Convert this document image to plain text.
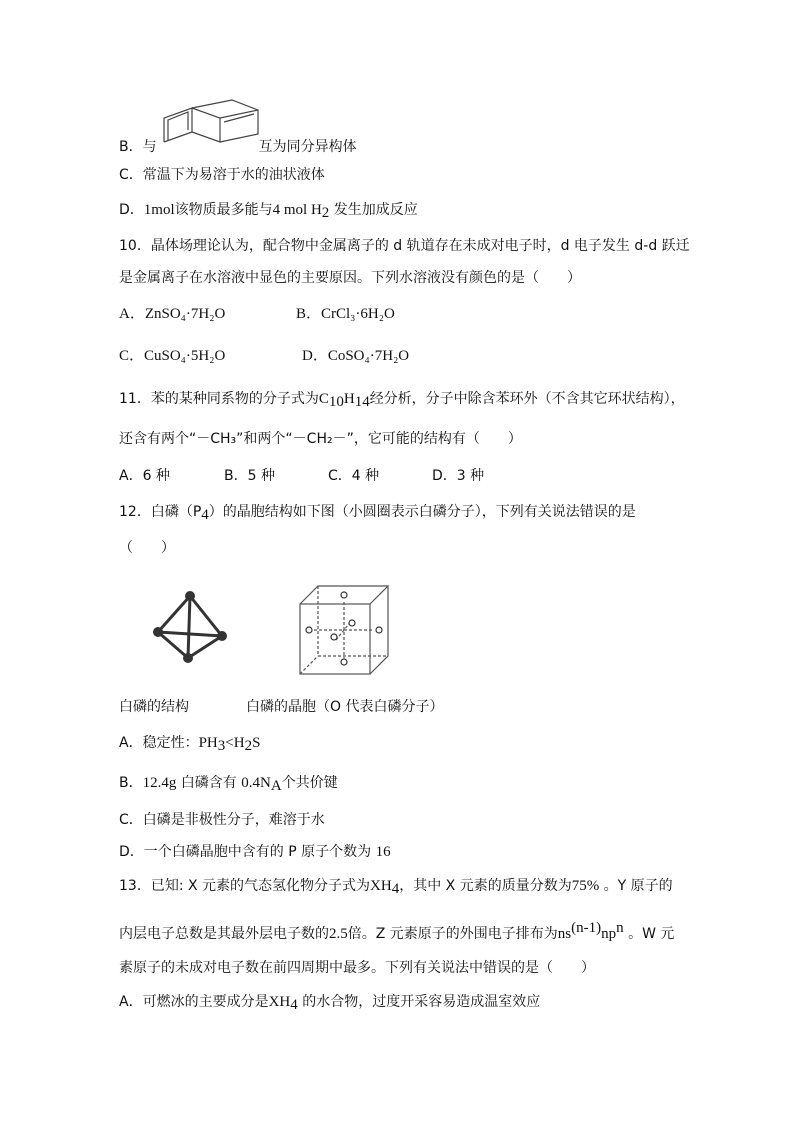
B．与	互为同分异构体
C．常温下为易溶于水的油状液体
D．1mol该物质最多能与4 mol $H_2$ 发生加成反应
10．晶体场理论认为，配合物中金属离子的 d 轨道存在未成对电子时，d 电子发生 d-d 跃迁
是金属离子在水溶液中显色的主要原因。下列水溶液没有颜色的是（　　）
A．ZnSO₄·7H₂O	B．CrCl₃·6H₂O
C．CuSO₄·5H₂O	D．CoSO₄·7H₂O
11．苯的某种同系物的分子式为$C_{10}H_{14}$经分析，分子中除含苯环外（不含其它环状结构），
还含有两个“－CH₃”和两个“－CH₂－”，它可能的结构有（　　）
A．6 种	B．5 种	C．4 种	D．3 种
12．白磷$(P_4)$的晶胞结构如下图（小圆圈表示白磷分子），下列有关说法错误的是
（　　）
白磷的结构	白磷的晶胞（O 代表白磷分子）
A．稳定性：$PH_3<H_2S$
B．12.4g 白磷含有 $0.4N_A$个共价键
C．白磷是非极性分子，难溶于水
D．一个白磷晶胞中含有的 P 原子个数为 16
13．已知: X 元素的气态氢化物分子式为$XH_4$，其中 X 元素的质量分数为75% 。Y 原子的
内层电子总数是其最外层电子数的2.5倍。Z 元素原子的外围电子排布为$ns^{(n-1)}np^n$ 。W 元
素原子的未成对电子数在前四周期中最多。下列有关说法中错误的是（　　）
A．可燃冰的主要成分是$XH_4$ 的水合物，过度开采容易造成温室效应
